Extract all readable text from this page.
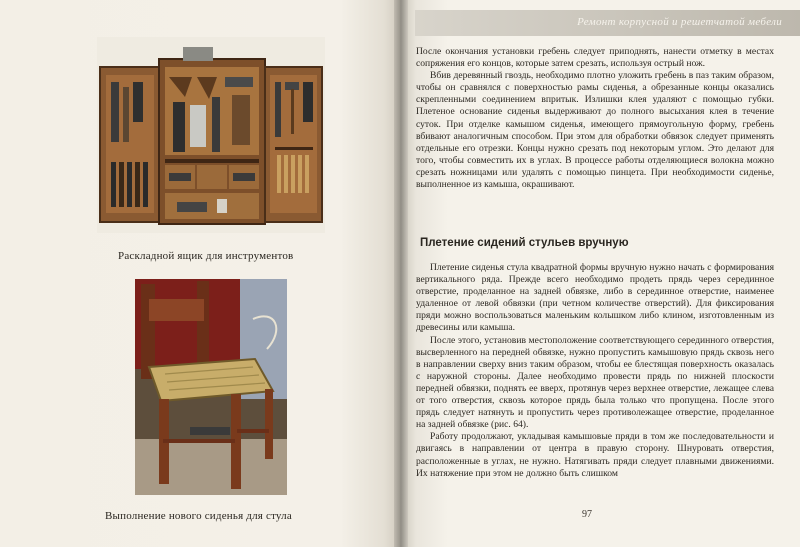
Раскладной ящик для инструментов
Выполнение нового сиденья для стула
Ремонт корпусной и решетчатой мебели

После окончания установки гребень следует приподнять, нанести отметку в местах сопряжения его концов, которые затем срезать, используя острый нож.

Вбив деревянный гвоздь, необходимо плотно уложить гребень в паз таким образом, чтобы он сравнялся с поверхностью рамы сиденья, а обрезанные концы оказались скрепленными соединением впритык. Излишки клея удаляют с помощью губки. Плетеное основание сиденья выдерживают до полного высыхания клея в течение суток. При отделке камышом сиденья, имеющего прямоугольную форму, гребень вбивают аналогичным способом. При этом для обработки обвязок следует применять отдельные его отрезки. Концы нужно срезать под некоторым углом. Это делают для того, чтобы совместить их в углах. В процессе работы отделяющиеся волокна можно срезать ножницами или удалять с помощью пинцета. При необходимости сиденье, выполненное из камыша, окрашивают.

Плетение сидений стульев вручную

Плетение сиденья стула квадратной формы вручную нужно начать с формирования вертикального ряда. Прежде всего необходимо продеть прядь через серединное отверстие, проделанное на задней обвязке, либо в серединное отверстие, наименее удаленное от левой обвязки (при четном количестве отверстий). Для фиксирования пряди можно воспользоваться маленьким колышком либо клином, изготовленным из древесины или камыша.

После этого, установив местоположение соответствующего серединного отверстия, высверленного на передней обвязке, нужно пропустить камышовую прядь сквозь него в направлении сверху вниз таким образом, чтобы ее блестящая поверхность оказалась с наружной стороны. Далее необходимо провести прядь по нижней плоскости передней обвязки, поднять ее вверх, протянув через верхнее отверстие, лежащее слева от того отверстия, сквозь которое прядь была только что пропущена. После этого прядь следует натянуть и пропустить через противолежащее отверстие, проделанное на задней обвязке (рис. 64).

Работу продолжают, укладывая камышовые пряди в том же последовательности и двигаясь в направлении от центра в правую сторону. Шнуровать отверстия, расположенные в углах, не нужно. Натягивать пряди следует плавными движениями. Их натяжение при этом не должно быть слишком

97
